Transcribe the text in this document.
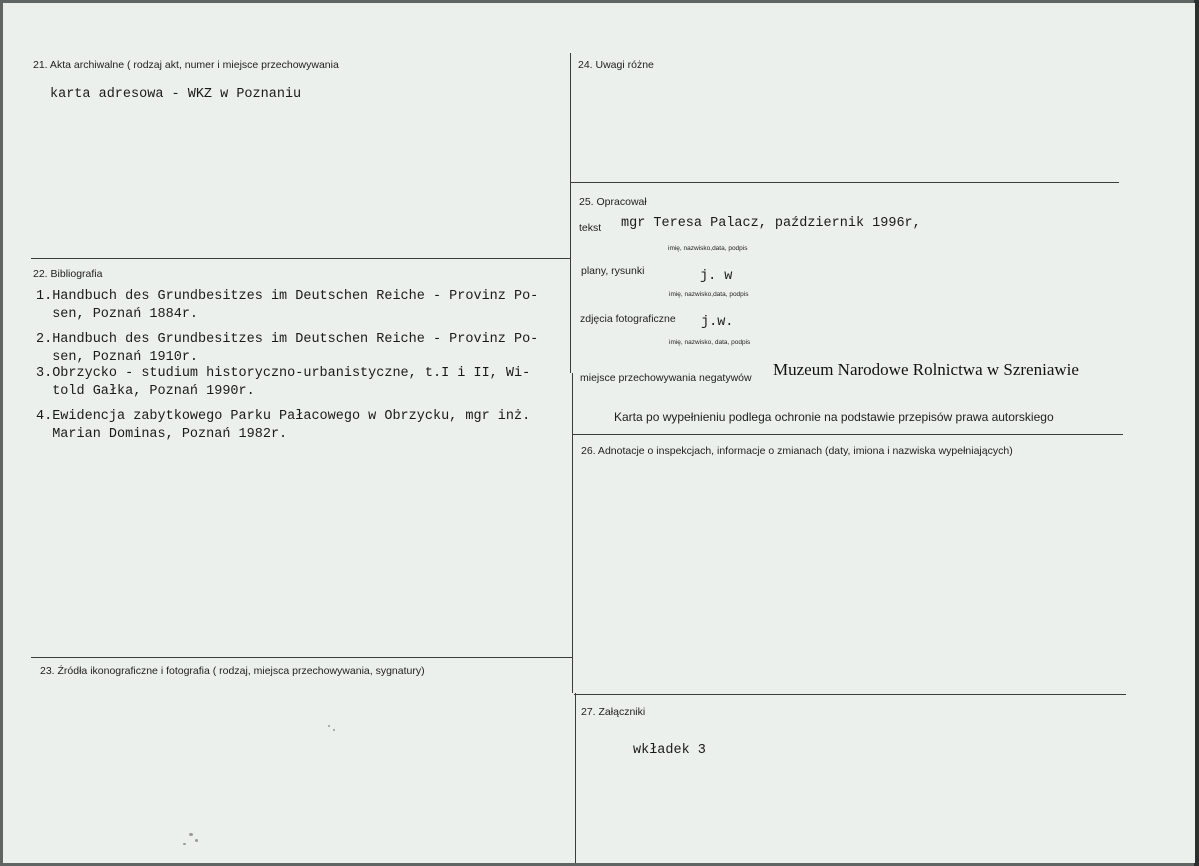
21. Akta archiwalne ( rodzaj akt, numer i miejsce przechowywania
karta adresowa - WKZ w Poznaniu
24. Uwagi różne
25. Opracował
tekst mgr Teresa Palacz, październik 1996r,
imię, nazwisko,data, podpis
plany, rysunki	j. w
imię, nazwisko,data, podpis
zdjęcia fotograficzne j.w.
imię, nazwisko, data, podpis
miejsce przechowywania negatywów Muzeum Narodowe Rolnictwa w Szreniawie
Karta po wypełnieniu podlega ochronie na podstawie przepisów prawa autorskiego
22. Bibliografia
1.Handbuch des Grundbesitzes im Deutschen Reiche - Provinz Po-
sen, Poznań 1884r.
2.Handbuch des Grundbesitzes im Deutschen Reiche - Provinz Po-
sen, Poznań 1910r.
3.Obrzycko - studium historyczno-urbanistyczne, t.I i II, Wi-
told Gałka, Poznań 1990r.
4.Ewidencja zabytkowego Parku Pałacowego w Obrzycku, mgr inż.
Marian Dominas, Poznań 1982r.
26. Adnotacje o inspekcjach, informacje o zmianach (daty, imiona i nazwiska wypełniających)
23. Źródła ikonograficzne i fotografia ( rodzaj, miejsca przechowywania, sygnatury)
27. Załączniki
wkładek 3
